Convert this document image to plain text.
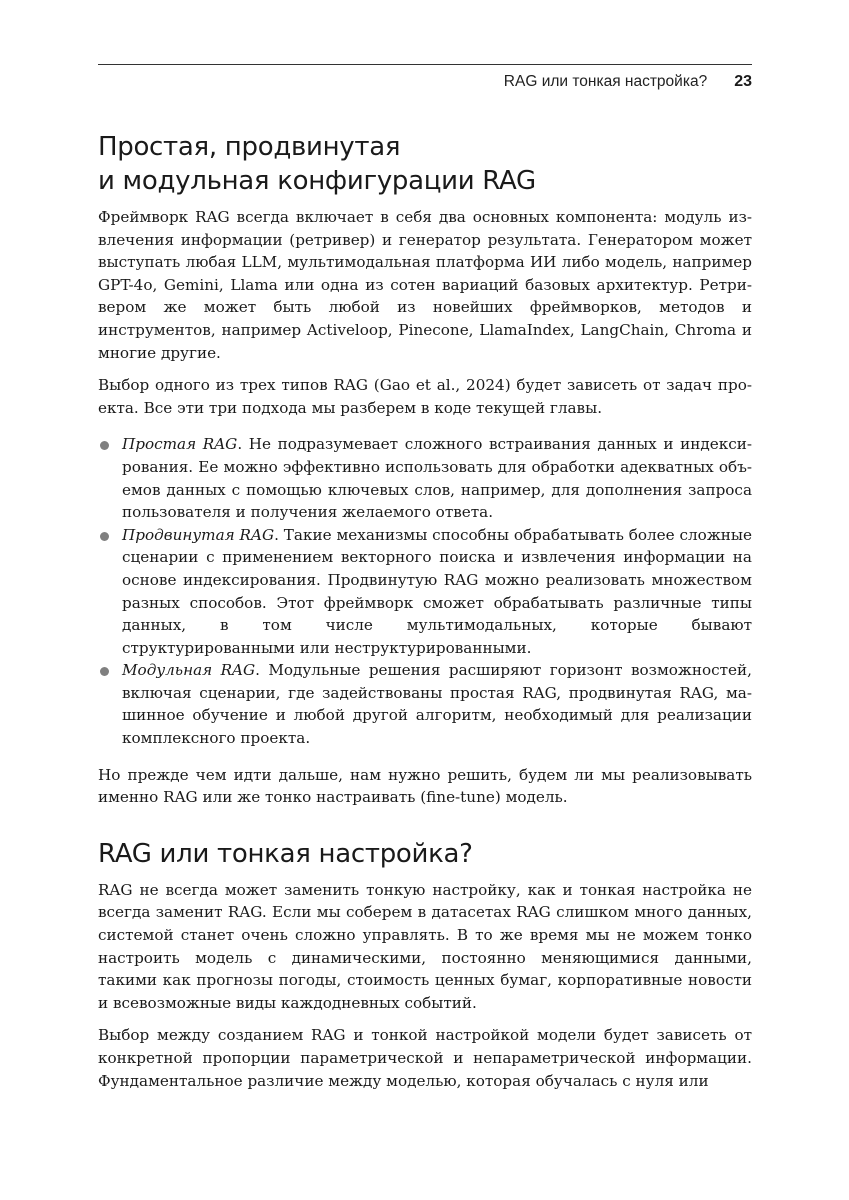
RAG или тонкая настройка? 23
Простая, продвинутая
и модульная конфигурации RAG

Фреймворк RAG всегда включает в себя два основных компонента: модуль извлечения информации (ретривер) и генератор результата. Генератором может выступать любая LLM, мультимодальная платформа ИИ либо модель, например GPT-4o, Gemini, Llama или одна из сотен вариаций базовых архитектур. Ретривером же может быть любой из новейших фреймворков, методов и инструментов, например Activeloop, Pinecone, LlamaIndex, LangChain, Chroma и многие другие.

Выбор одного из трех типов RAG (Gao et al., 2024) будет зависеть от задач проекта. Все эти три подхода мы разберем в коде текущей главы.

Простая RAG. Не подразумевает сложного встраивания данных и индексирования. Ее можно эффективно использовать для обработки адекватных объемов данных с помощью ключевых слов, например, для дополнения запроса пользователя и получения желаемого ответа.
Продвинутая RAG. Такие механизмы способны обрабатывать более сложные сценарии с применением векторного поиска и извлечения информации на основе индексирования. Продвинутую RAG можно реализовать множеством разных способов. Этот фреймворк сможет обрабатывать различные типы данных, в том числе мультимодальных, которые бывают структурированными или неструктурированными.
Модульная RAG. Модульные решения расширяют горизонт возможностей, включая сценарии, где задействованы простая RAG, продвинутая RAG, машинное обучение и любой другой алгоритм, необходимый для реализации комплексного проекта.

Но прежде чем идти дальше, нам нужно решить, будем ли мы реализовывать именно RAG или же тонко настраивать (fine-tune) модель.

RAG или тонкая настройка?

RAG не всегда может заменить тонкую настройку, как и тонкая настройка не всегда заменит RAG. Если мы соберем в датасетах RAG слишком много данных, системой станет очень сложно управлять. В то же время мы не можем тонко настроить модель с динамическими, постоянно меняющимися данными, такими как прогнозы погоды, стоимость ценных бумаг, корпоративные новости и всевозможные виды каждодневных событий.

Выбор между созданием RAG и тонкой настройкой модели будет зависеть от конкретной пропорции параметрической и непараметрической информации. Фундаментальное различие между моделью, которая обучалась с нуля или
